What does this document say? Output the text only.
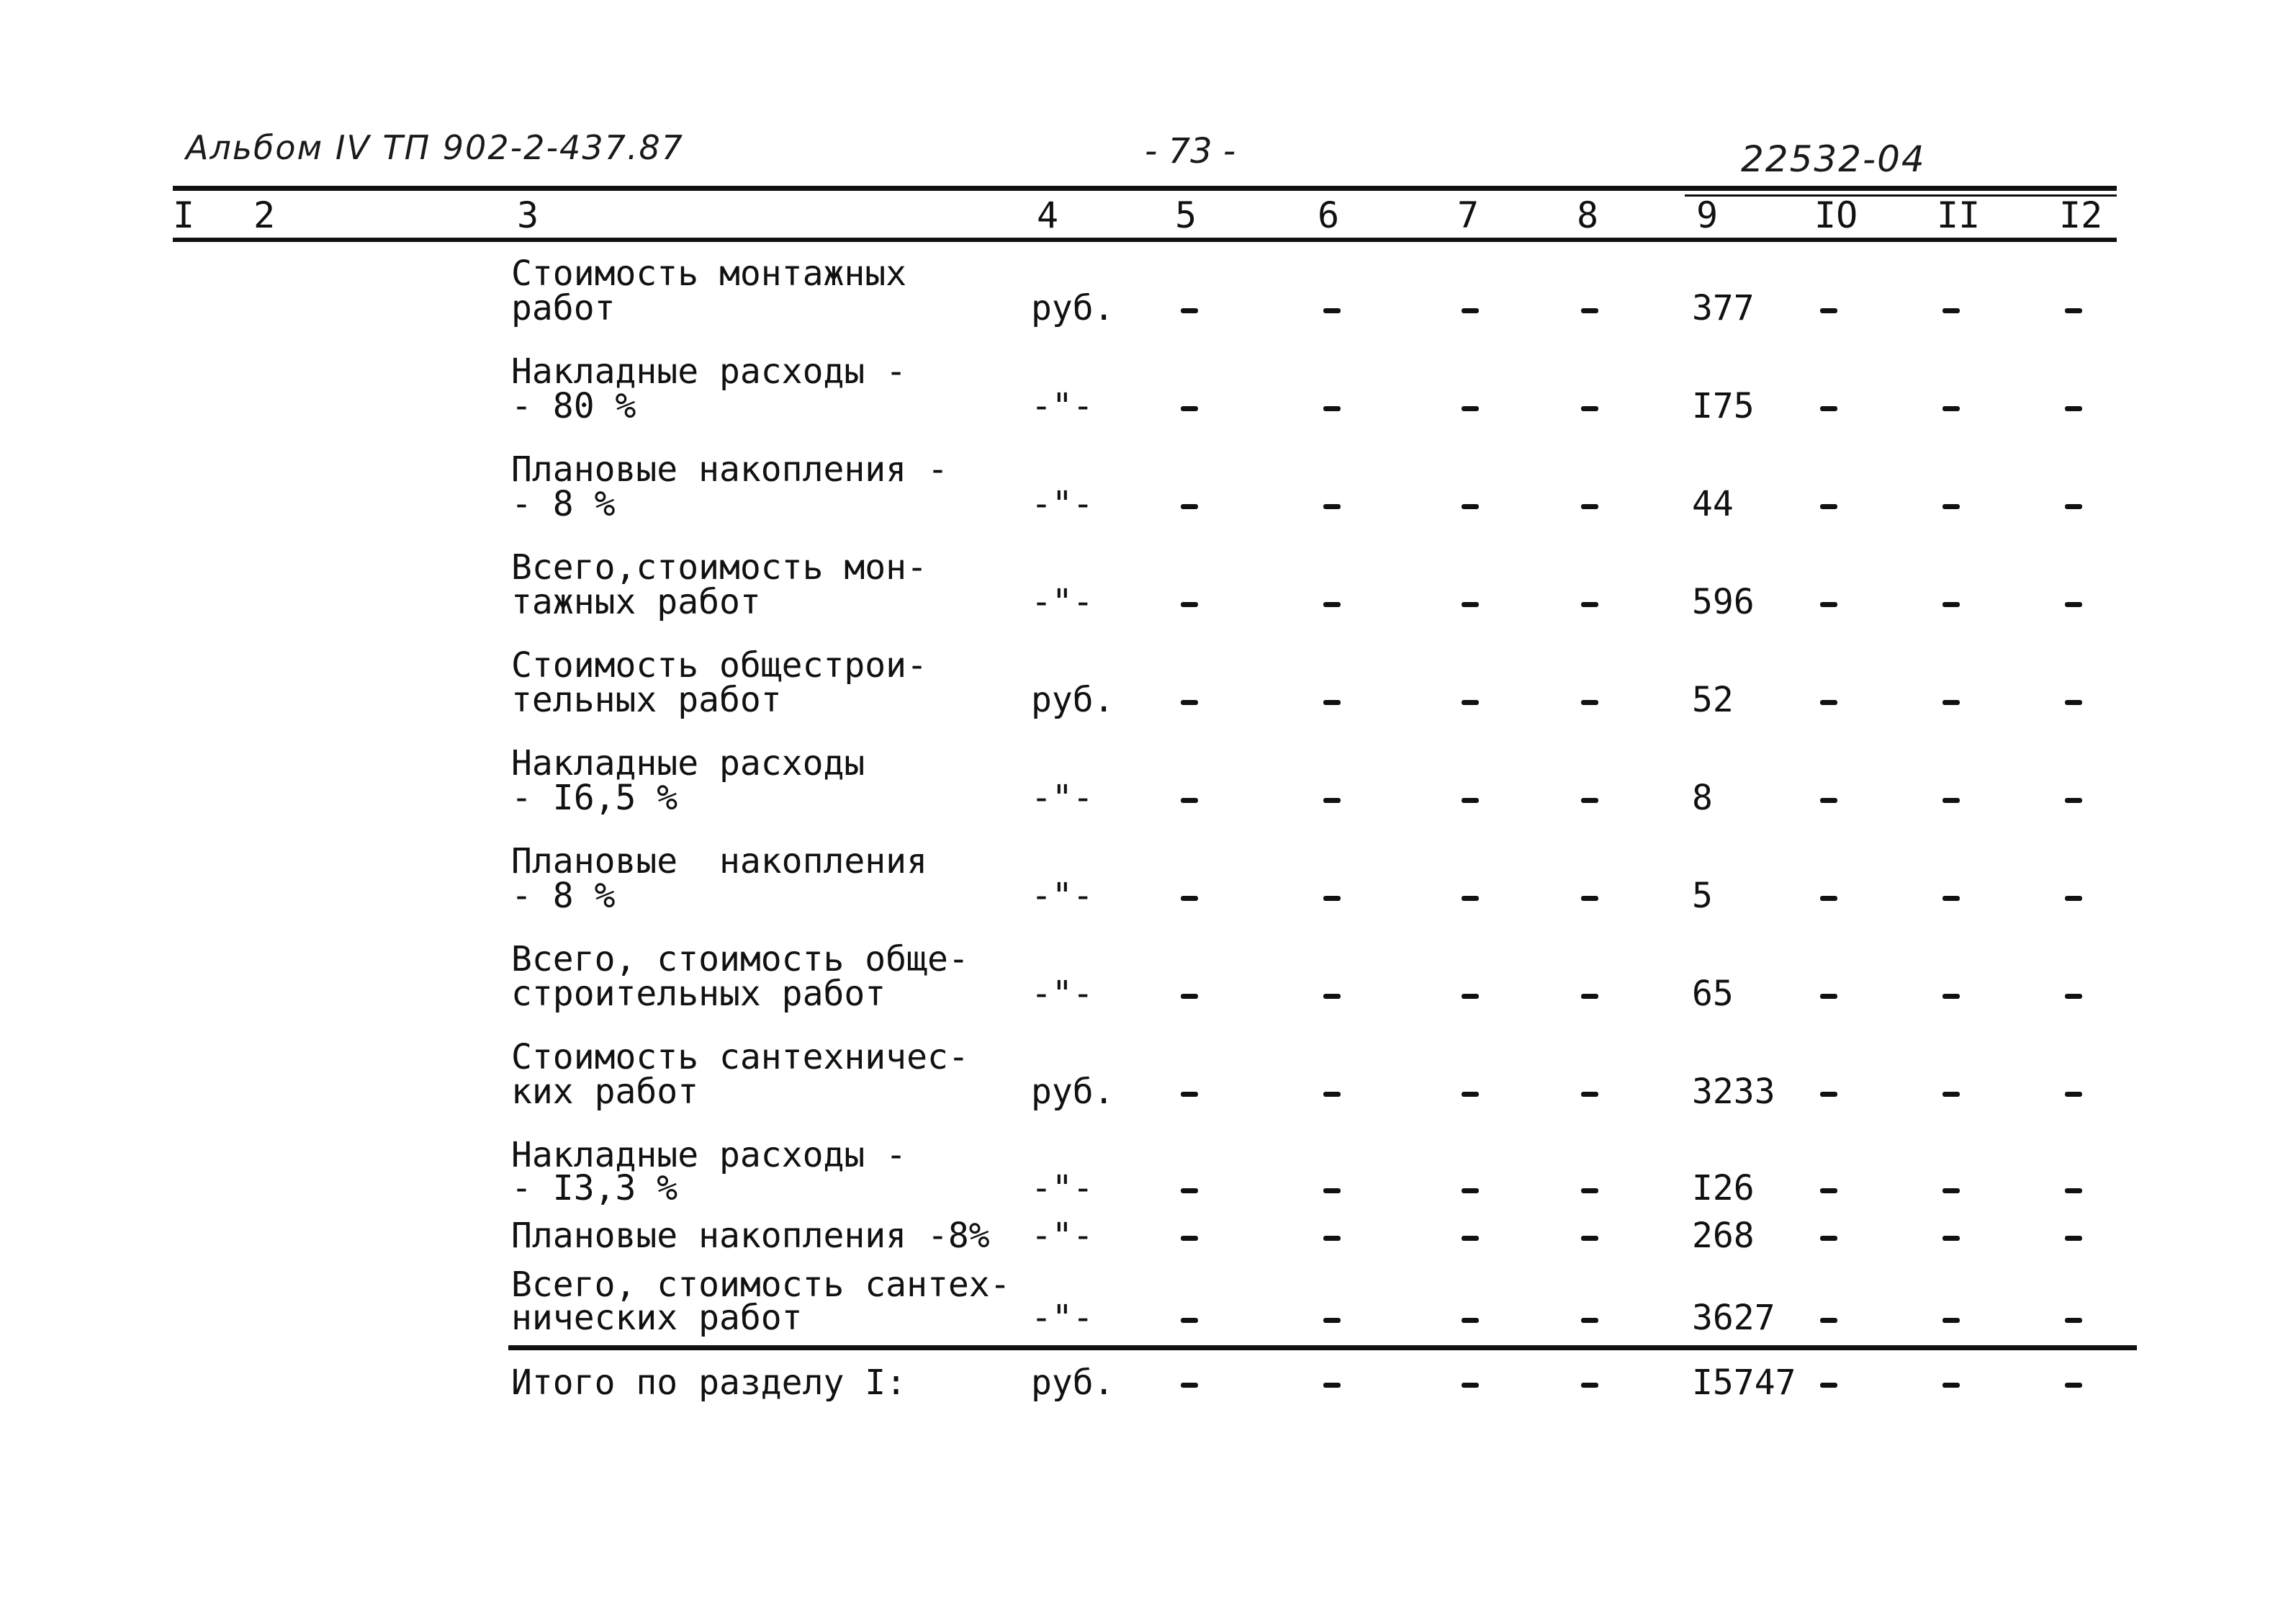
Альбом IV ТП 902-2-437.87	- 73 -	22532-04
I 2	3	4	5	6	7	8	9	IO II I2
Стоимость монтажных
работ	руб.	377
Накладные расходы -
- 80 %	-"-	I75
Плановые накопления -
- 8 %	-"-	44
Всего,стоимость мон-
тажных работ	-"-	596
Стоимость общестрои-
тельных работ	руб.	52
Накладные расходы
- I6,5 %	-"-	8
Плановые  накопления
- 8 %	-"-	5
Всего, стоимость обще-
строительных работ	-"-	65
Стоимость сантехничес-
ких работ	руб.	3233
Накладные расходы -
- I3,3 %	-"-	I26
Плановые накопления -8% -"-	268
Всего, стоимость сантех-
нических работ	-"-	3627
Итого по разделу I:	руб.	I5747
